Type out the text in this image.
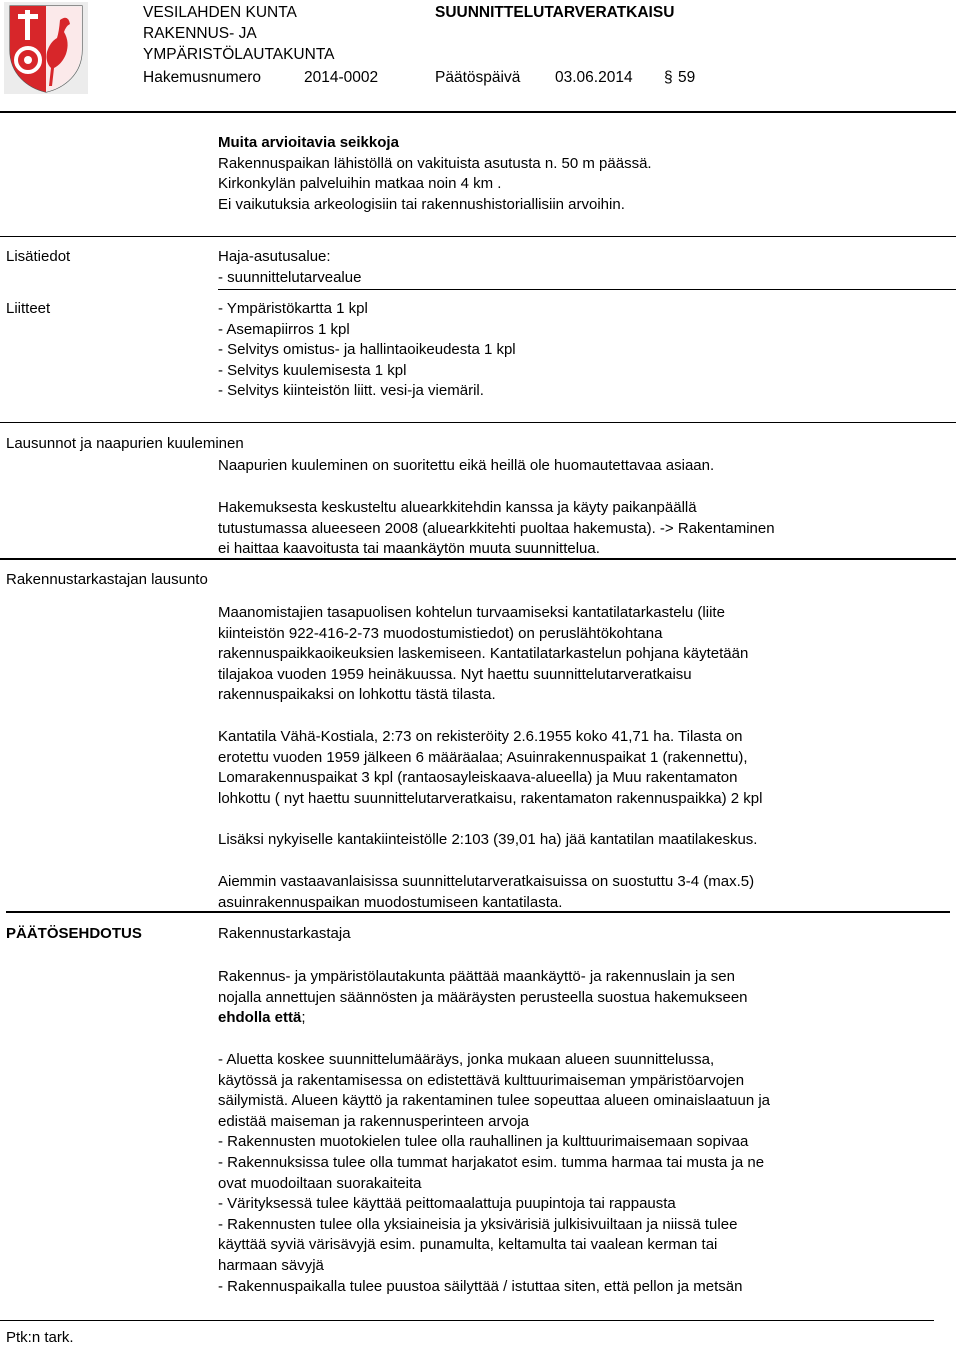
VESILAHDEN KUNTA
RAKENNUS- JA
YMPÄRISTÖLAUTAKUNTA
SUUNNITTELUTARVERATKAISU
Hakemusnumero	2014-0002	Päätöspäivä 03.06.2014 § 59

Muita arvioitavia seikkoja

Rakennuspaikan lähistöllä on vakituista asutusta n. 50 m päässä.

Kirkonkylän palveluihin matkaa noin 4 km .

Ei vaikutuksia arkeologisiin tai rakennushistoriallisiin arvoihin.

Lisätiedot	Haja-asutusalue:

- suunnittelutarvealue

Liitteet	- Ympäristökartta 1 kpl

- Asemapiirros 1 kpl

- Selvitys omistus- ja hallintaoikeudesta 1 kpl

- Selvitys kuulemisesta 1 kpl

- Selvitys kiinteistön liitt. vesi-ja viemäril.

Lausunnot ja naapurien kuuleminen
Naapurien kuuleminen on suoritettu eikä heillä ole huomautettavaa asiaan.

Hakemuksesta keskusteltu aluearkkitehdin kanssa ja käyty paikanpäällä

tutustumassa alueeseen 2008 (aluearkkitehti puoltaa hakemusta). -> Rakentaminen

ei haittaa kaavoitusta tai maankäytön muuta suunnittelua.

Rakennustarkastajan lausunto

Maanomistajien tasapuolisen kohtelun turvaamiseksi kantatilatarkastelu (liite

kiinteistön 922-416-2-73 muodostumistiedot) on peruslähtökohtana

rakennuspaikkaoikeuksien laskemiseen. Kantatilatarkastelun pohjana käytetään

tilajakoa vuoden 1959 heinäkuussa. Nyt haettu suunnittelutarveratkaisu

rakennuspaikaksi on lohkottu tästä tilasta.

Kantatila Vähä-Kostiala, 2:73 on rekisteröity 2.6.1955 koko 41,71 ha. Tilasta on

erotettu vuoden 1959 jälkeen 6 määräalaa; Asuinrakennuspaikat 1 (rakennettu),

Lomarakennuspaikat 3 kpl (rantaosayleiskaava-alueella) ja Muu rakentamaton

lohkottu ( nyt haettu suunnittelutarveratkaisu, rakentamaton rakennuspaikka) 2 kpl

Lisäksi nykyiselle kantakiinteistölle 2:103 (39,01 ha) jää kantatilan maatilakeskus.

Aiemmin vastaavanlaisissa suunnittelutarveratkaisuissa on suostuttu 3-4 (max.5)

asuinrakennuspaikan muodostumiseen kantatilasta.

PÄÄTÖSEHDOTUS	Rakennustarkastaja

Rakennus- ja ympäristölautakunta päättää maankäyttö- ja rakennuslain ja sen

nojalla annettujen säännösten ja määräysten perusteella suostua hakemukseen

ehdolla että;

- Aluetta koskee suunnittelumääräys, jonka mukaan alueen suunnittelussa,

käytössä ja rakentamisessa on edistettävä kulttuurimaiseman ympäristöarvojen

säilymistä. Alueen käyttö ja rakentaminen tulee sopeuttaa alueen ominaislaatuun ja

edistää maiseman ja rakennusperinteen arvoja

- Rakennusten muotokielen tulee olla rauhallinen ja kulttuurimaisemaan sopivaa

- Rakennuksissa tulee olla tummat harjakatot esim. tumma harmaa tai musta ja ne

ovat muodoiltaan suorakaiteita

- Värityksessä tulee käyttää peittomaalattuja puupintoja tai rappausta

- Rakennusten tulee olla yksiaineisia ja yksivärisiä julkisivuiltaan ja niissä tulee

käyttää syviä värisävyjä esim. punamulta, keltamulta tai vaalean kerman tai

harmaan sävyjä

- Rakennuspaikalla tulee puustoa säilyttää / istuttaa siten, että pellon ja metsän

Ptk:n tark.
